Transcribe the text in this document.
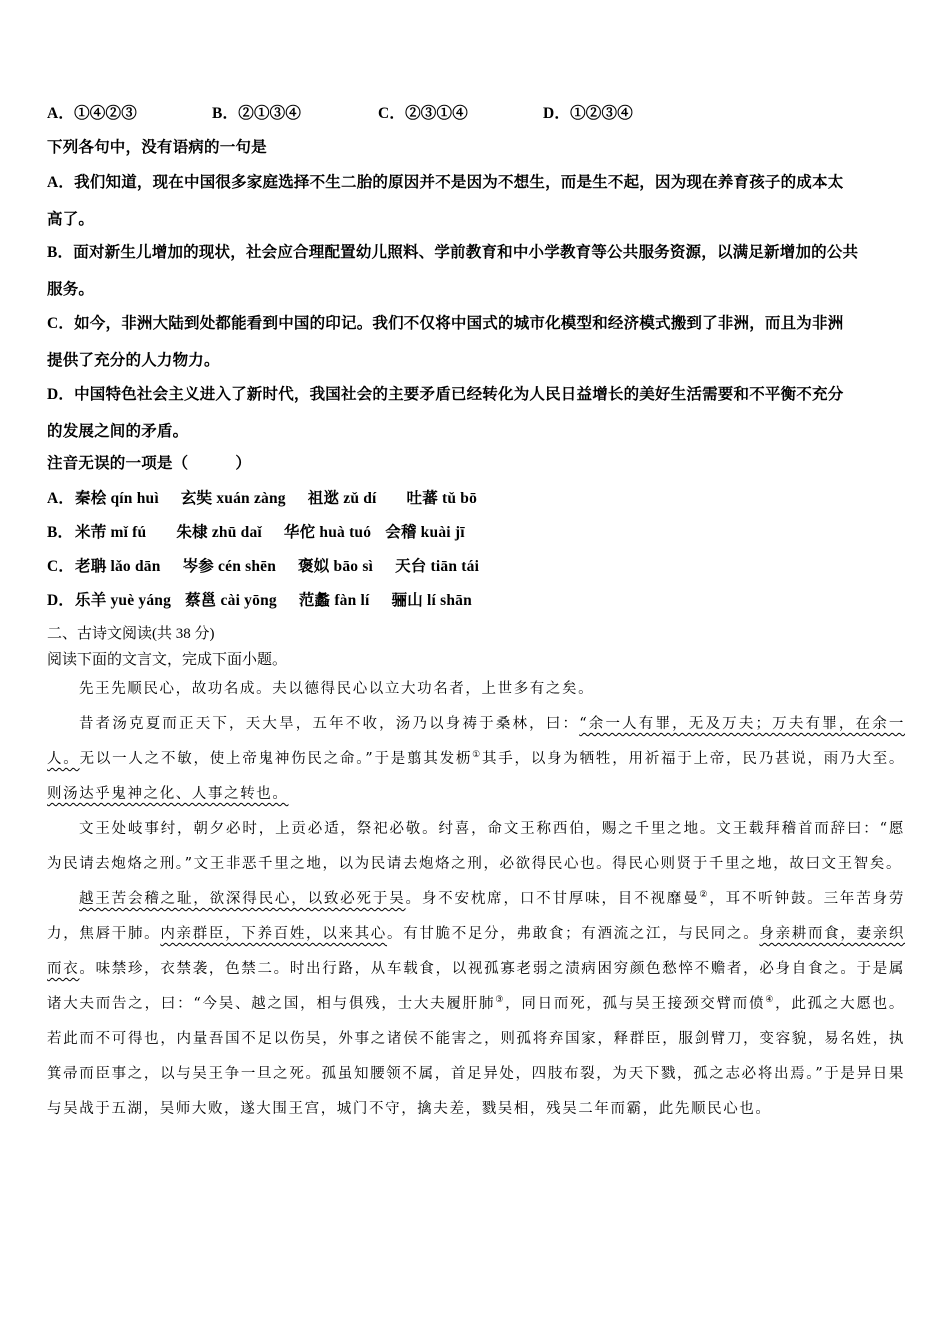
A．①④②③	B．②①③④	C．②③①④	D．①②③④
下列各句中，没有语病的一句是
A．我们知道，现在中国很多家庭选择不生二胎的原因并不是因为不想生，而是生不起，因为现在养育孩子的成本太
高了。
B．面对新生儿增加的现状，社会应合理配置幼儿照料、学前教育和中小学教育等公共服务资源，以满足新增加的公共
服务。
C．如今，非洲大陆到处都能看到中国的印记。我们不仅将中国式的城市化模型和经济模式搬到了非洲，而且为非洲
提供了充分的人力物力。
D．中国特色社会主义进入了新时代，我国社会的主要矛盾已经转化为人民日益增长的美好生活需要和不平衡不充分
的发展之间的矛盾。
注音无误的一项是（　　　）
A．秦桧 qín huì 玄奘 xuán zàng 祖逖 zǔ dí 吐蕃 tǔ bō
B． 米芾 mǐ fú 朱棣 zhū daǐ 华佗 huà tuó 会稽 kuài jī
C．老聃 lǎo dān 岑参 cén shēn 褒姒 bāo sì 天台 tiān tái
D．乐羊 yuè yáng 蔡邕 cài yōng 范蠡 fàn lí 骊山 lí shān
二、古诗文阅读(共 38 分)
阅读下面的文言文，完成下面小题。

先王先顺民心，故功名成。夫以德得民心以立大功名者，上世多有之矣。

昔者汤克夏而正天下，天大旱，五年不收，汤乃以身祷于桑林，曰：“余一人有罪，无及万夫；万夫有罪，在余一人。无以一人之不敏，使上帝鬼神伤民之命。”于是翦其发枥①其手，以身为牺牲，用祈福于上帝，民乃甚说，雨乃大至。则汤达乎鬼神之化、人事之转也。

文王处岐事纣，朝夕必时，上贡必适，祭祀必敬。纣喜，命文王称西伯，赐之千里之地。文王载拜稽首而辞曰：“愿为民请去炮烙之刑。”文王非恶千里之地，以为民请去炮烙之刑，必欲得民心也。得民心则贤于千里之地，故曰文王智矣。

越王苦会稽之耻，欲深得民心，以致必死于吴。身不安枕席，口不甘厚味，目不视靡曼②，耳不听钟鼓。三年苦身劳力，焦唇干肺。内亲群臣，下养百姓，以来其心。有甘脆不足分，弗敢食；有酒流之江，与民同之。身亲耕而食，妻亲织而衣。味禁珍，衣禁袭，色禁二。时出行路，从车载食，以视孤寡老弱之渍病困穷颜色愁悴不赡者，必身自食之。于是属诸大夫而告之，曰：“今吴、越之国，相与俱残，士大夫履肝肺③，同日而死，孤与吴王接颈交臂而偾④，此孤之大愿也。若此而不可得也，内量吾国不足以伤吴，外事之诸侯不能害之，则孤将弃国家，释群臣，服剑臂刀，变容貌，易名姓，执箕帚而臣事之，以与吴王争一旦之死。孤虽知腰领不属，首足异处，四肢布裂，为天下戮，孤之志必将出焉。”于是异日果与吴战于五湖，吴师大败，遂大围王宫，城门不守，擒夫差，戮吴相，残吴二年而霸，此先顺民心也。
